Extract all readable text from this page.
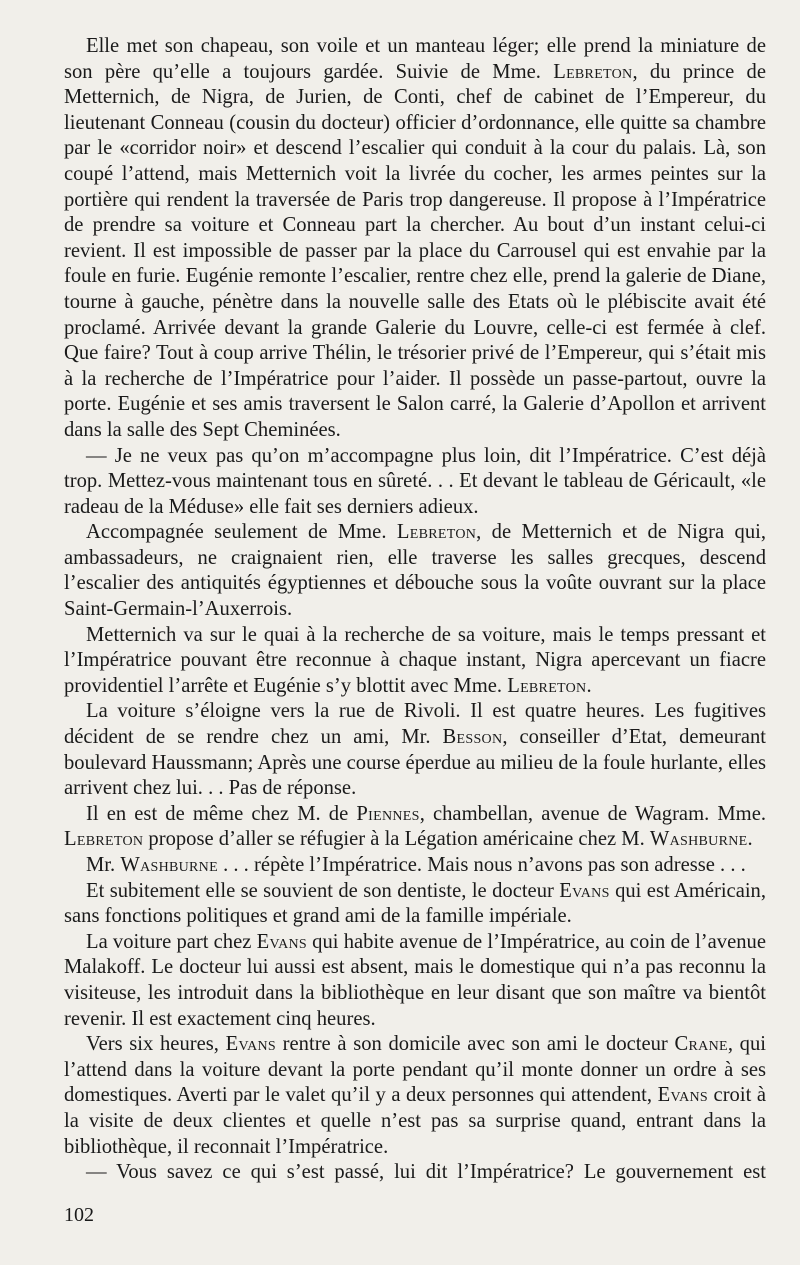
Elle met son chapeau, son voile et un manteau léger; elle prend la miniature de son père qu’elle a toujours gardée. Suivie de Mme. Lebreton, du prince de Metternich, de Nigra, de Jurien, de Conti, chef de cabinet de l’Empereur, du lieutenant Conneau (cousin du docteur) officier d’ordonnance, elle quitte sa chambre par le «corridor noir» et descend l’escalier qui conduit à la cour du palais. Là, son coupé l’attend, mais Metternich voit la livrée du cocher, les armes peintes sur la portière qui rendent la traversée de Paris trop dangereuse. Il propose à l’Impératrice de prendre sa voiture et Conneau part la chercher. Au bout d’un instant celui-ci revient. Il est impossible de passer par la place du Carrousel qui est envahie par la foule en furie. Eugénie remonte l’escalier, rentre chez elle, prend la galerie de Diane, tourne à gauche, pénètre dans la nouvelle salle des Etats où le plébiscite avait été proclamé. Arrivée devant la grande Galerie du Louvre, celle-ci est fermée à clef. Que faire? Tout à coup arrive Thélin, le trésorier privé de l’Empereur, qui s’était mis à la recherche de l’Impératrice pour l’aider. Il possède un passe-partout, ouvre la porte. Eugénie et ses amis traversent le Salon carré, la Galerie d’Apollon et arrivent dans la salle des Sept Cheminées.

— Je ne veux pas qu’on m’accompagne plus loin, dit l’Impératrice. C’est déjà trop. Mettez-vous maintenant tous en sûreté. . . Et devant le tableau de Géricault, «le radeau de la Méduse» elle fait ses derniers adieux.

Accompagnée seulement de Mme. Lebreton, de Metternich et de Nigra qui, ambassadeurs, ne craignaient rien, elle traverse les salles grecques, descend l’escalier des antiquités égyptiennes et débouche sous la voûte ouvrant sur la place Saint-Germain-l’Auxerrois.

Metternich va sur le quai à la recherche de sa voiture, mais le temps pressant et l’Impératrice pouvant être reconnue à chaque instant, Nigra apercevant un fiacre providentiel l’arrête et Eugénie s’y blottit avec Mme. Lebreton.

La voiture s’éloigne vers la rue de Rivoli. Il est quatre heures. Les fugitives décident de se rendre chez un ami, Mr. Besson, conseiller d’Etat, demeurant boulevard Haussmann; Après une course éperdue au milieu de la foule hurlante, elles arrivent chez lui. . . Pas de réponse.

Il en est de même chez M. de Piennes, chambellan, avenue de Wagram. Mme. Lebreton propose d’aller se réfugier à la Légation américaine chez M. Washburne.

Mr. Washburne . . . répète l’Impératrice. Mais nous n’avons pas son adresse . . .

Et subitement elle se souvient de son dentiste, le docteur Evans qui est Américain, sans fonctions politiques et grand ami de la famille impériale.

La voiture part chez Evans qui habite avenue de l’Impératrice, au coin de l’avenue Malakoff. Le docteur lui aussi est absent, mais le domestique qui n’a pas reconnu la visiteuse, les introduit dans la bibliothèque en leur disant que son maître va bientôt revenir. Il est exactement cinq heures.

Vers six heures, Evans rentre à son domicile avec son ami le docteur Crane, qui l’attend dans la voiture devant la porte pendant qu’il monte donner un ordre à ses domestiques. Averti par le valet qu’il y a deux personnes qui attendent, Evans croit à la visite de deux clientes et quelle n’est pas sa surprise quand, entrant dans la bibliothèque, il reconnait l’Impératrice.

— Vous savez ce qui s’est passé, lui dit l’Impératrice? Le gouvernement est

102
